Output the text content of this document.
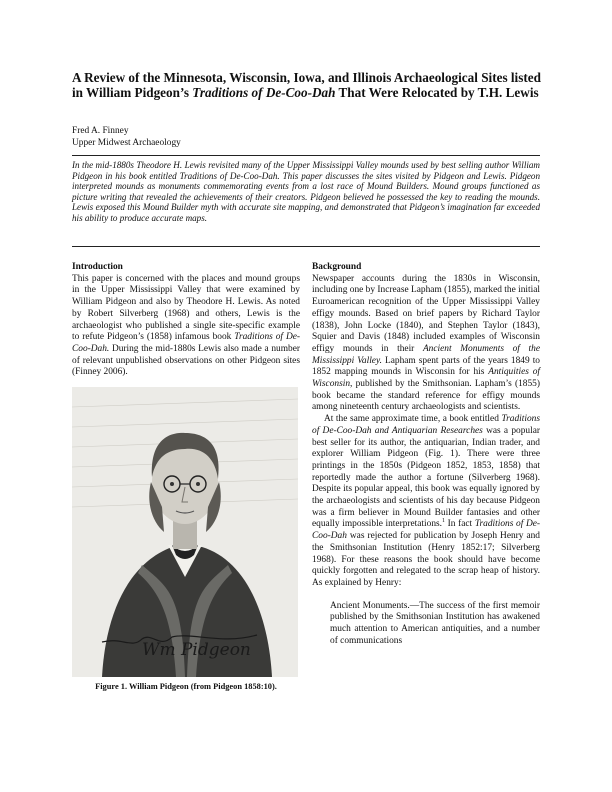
A Review of the Minnesota, Wisconsin, Iowa, and Illinois Archaeological Sites listed in William Pidgeon’s Traditions of De-Coo-Dah That Were Relocated by T.H. Lewis
Fred A. Finney
Upper Midwest Archaeology

In the mid-1880s Theodore H. Lewis revisited many of the Upper Mississippi Valley mounds used by best selling author William Pidgeon in his book entitled Traditions of De-Coo-Dah. This paper discusses the sites visited by Pidgeon and Lewis. Pidgeon interpreted mounds as monuments commemorating events from a lost race of Mound Builders. Mound groups functioned as picture writing that revealed the achievements of their creators. Pidgeon believed he possessed the key to reading the mounds. Lewis exposed this Mound Builder myth with accurate site mapping, and demonstrated that Pidgeon’s imagination far exceeded his ability to produce accurate maps.

Introduction

This paper is concerned with the places and mound groups in the Upper Mississippi Valley that were examined by William Pidgeon and also by Theodore H. Lewis. As noted by Robert Silverberg (1968) and others, Lewis is the archaeologist who published a single site-specific example to refute Pidgeon’s (1858) infamous book Traditions of De-Coo-Dah. During the mid-1880s Lewis also made a number of relevant unpublished observations on other Pidgeon sites (Finney 2006).

Wm Pidgeon
Figure 1. William Pidgeon (from Pidgeon 1858:10).

Background

Newspaper accounts during the 1830s in Wisconsin, including one by Increase Lapham (1855), marked the initial Euroamerican recognition of the Upper Mississippi Valley effigy mounds. Based on brief papers by Richard Taylor (1838), John Locke (1840), and Stephen Taylor (1843), Squier and Davis (1848) included examples of Wisconsin effigy mounds in their Ancient Monuments of the Mississippi Valley. Lapham spent parts of the years 1849 to 1852 mapping mounds in Wisconsin for his Antiquities of Wisconsin, published by the Smithsonian. Lapham’s (1855) book became the standard reference for effigy mounds among nineteenth century archaeologists and scientists.

At the same approximate time, a book entitled Traditions of De-Coo-Dah and Antiquarian Researches was a popular best seller for its author, the antiquarian, Indian trader, and explorer William Pidgeon (Fig. 1). There were three printings in the 1850s (Pidgeon 1852, 1853, 1858) that reportedly made the author a fortune (Silverberg 1968). Despite its popular appeal, this book was equally ignored by the archaeologists and scientists of his day because Pidgeon was a firm believer in Mound Builder fantasies and other equally impossible interpretations.$^1$ In fact Traditions of De-Coo-Dah was rejected for publication by Joseph Henry and the Smithsonian Institution (Henry 1852:17; Silverberg 1968). For these reasons the book should have become quickly forgotten and relegated to the scrap heap of history. As explained by Henry:

Ancient Monuments.—The success of the first memoir published by the Smithsonian Institution has awakened much attention to American antiquities, and a number of communications
